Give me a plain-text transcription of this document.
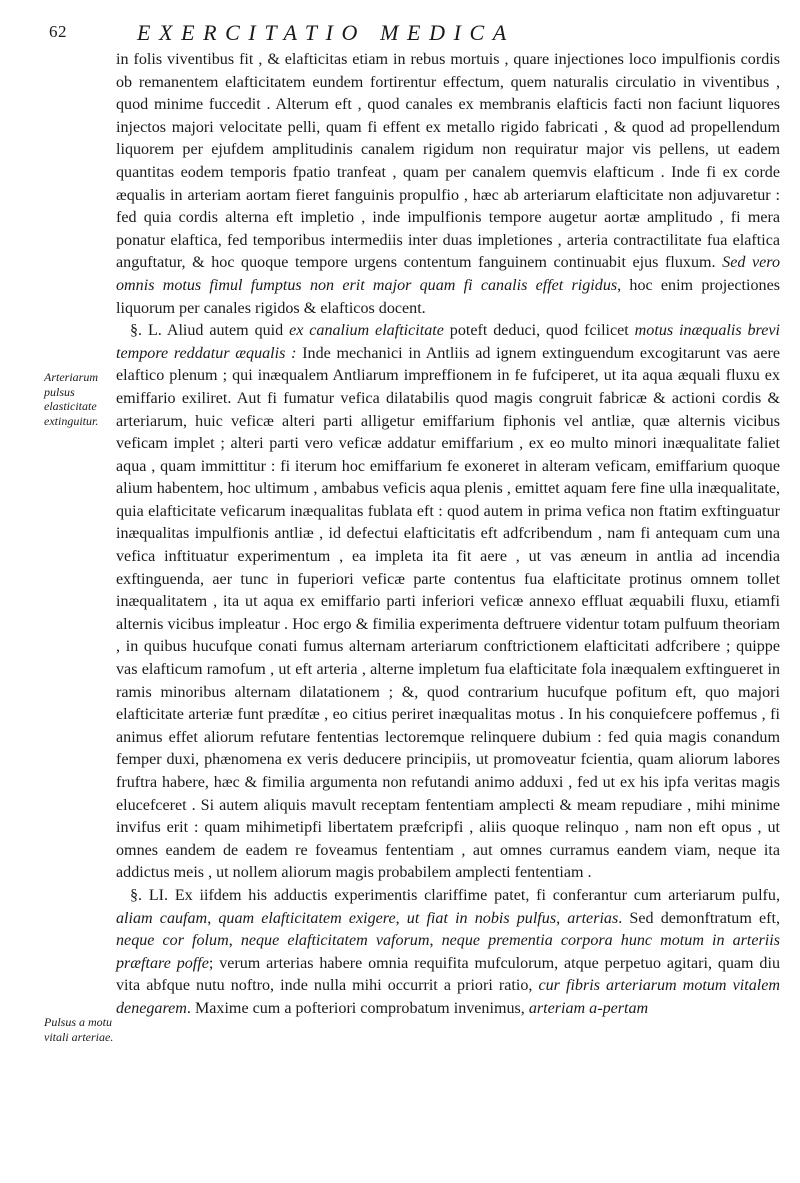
62	EXERCITATIO MEDICA
Arteriarum pulsus elasticitate extinguitur.
Pulsus a motu vitali arteriae.

in folis viventibus fit , & elafticitas etiam in rebus mortuis , quare injectiones loco impulfionis cordis ob remanentem elafticitatem eundem fortirentur effectum, quem naturalis circulatio in viventibus , quod minime fuccedit . Alterum eft , quod canales ex membranis elafticis facti non faciunt liquores injectos majori velocitate pelli, quam fi effent ex metallo rigido fabricati , & quod ad propellendum liquorem per ejufdem amplitudinis canalem rigidum non requiratur major vis pellens, ut eadem quantitas eodem temporis fpatio tranfeat , quam per canalem quemvis elafticum . Inde fi ex corde æqualis in arteriam aortam fieret fanguinis propulfio , hæc ab arteriarum elafticitate non adjuvaretur : fed quia cordis alterna eft impletio , inde impulfionis tempore augetur aortæ amplitudo , fi mera ponatur elaftica, fed temporibus intermediis inter duas impletiones , arteria contractilitate fua elaftica anguftatur, & hoc quoque tempore urgens contentum fanguinem continuabit ejus fluxum. Sed vero omnis motus fimul fumptus non erit major quam fi canalis effet rigidus, hoc enim projectiones liquorum per canales rigidos & elafticos docent.

§. L. Aliud autem quid ex canalium elafticitate poteft deduci, quod fcilicet motus inæqualis brevi tempore reddatur æqualis : Inde mechanici in Antliis ad ignem extinguendum excogitarunt vas aere elaftico plenum ; qui inæqualem Antliarum impreffionem in fe fufciperet, ut ita aqua æquali fluxu ex emiffario exiliret. Aut fi fumatur vefica dilatabilis quod magis congruit fabricæ & actioni cordis & arteriarum, huic veficæ alteri parti alligetur emiffarium fiphonis vel antliæ, quæ alternis vicibus veficam implet ; alteri parti vero veficæ addatur emiffarium , ex eo multo minori inæqualitate faliet aqua , quam immittitur : fi iterum hoc emiffarium fe exoneret in alteram veficam, emiffarium quoque alium habentem, hoc ultimum , ambabus veficis aqua plenis , emittet aquam fere fine ulla inæqualitate, quia elafticitate veficarum inæqualitas fublata eft : quod autem in prima vefica non ftatim exftinguatur inæqualitas impulfionis antliæ , id defectui elafticitatis eft adfcribendum , nam fi antequam cum una vefica inftituatur experimentum , ea impleta ita fit aere , ut vas æneum in antlia ad incendia exftinguenda, aer tunc in fuperiori veficæ parte contentus fua elafticitate protinus omnem tollet inæqualitatem , ita ut aqua ex emiffario parti inferiori veficæ annexo effluat æquabili fluxu, etiamfi alternis vicibus impleatur . Hoc ergo & fimilia experimenta deftruere videntur totam pulfuum theoriam , in quibus hucufque conati fumus alternam arteriarum conftrictionem elafticitati adfcribere ; quippe vas elafticum ramofum , ut eft arteria , alterne impletum fua elafticitate fola inæqualem exftingueret in ramis minoribus alternam dilatationem ; &, quod contrarium hucufque pofitum eft, quo majori elafticitate arteriæ funt prædítæ , eo citius periret inæqualitas motus . In his conquiefcere poffemus , fi animus effet aliorum refutare fententias lectoremque relinquere dubium : fed quia magis conandum femper duxi, phænomena ex veris deducere principiis, ut promoveatur fcientia, quam aliorum labores fruftra habere, hæc & fimilia argumenta non refutandi animo adduxi , fed ut ex his ipfa veritas magis elucefceret . Si autem aliquis mavult receptam fententiam amplecti & meam repudiare , mihi minime invifus erit : quam mihimetipfi libertatem præfcripfi , aliis quoque relinquo , nam non eft opus , ut omnes eandem de eadem re foveamus fententiam , aut omnes curramus eandem viam, neque ita addictus meis , ut nollem aliorum magis probabilem amplecti fententiam .

§. LI. Ex iifdem his adductis experimentis clariffime patet, fi conferantur cum arteriarum pulfu, aliam caufam, quam elafticitatem exigere, ut fiat in nobis pulfus, arterias. Sed demonftratum eft, neque cor folum, neque elafticitatem vaforum, neque prementia corpora hunc motum in arteriis præftare poffe; verum arterias habere omnia requifita mufculorum, atque perpetuo agitari, quam diu vita abfque nutu noftro, inde nulla mihi occurrit a priori ratio, cur fibris arteriarum motum vitalem denegarem. Maxime cum a pofteriori comprobatum invenimus, arteriam a-pertam
